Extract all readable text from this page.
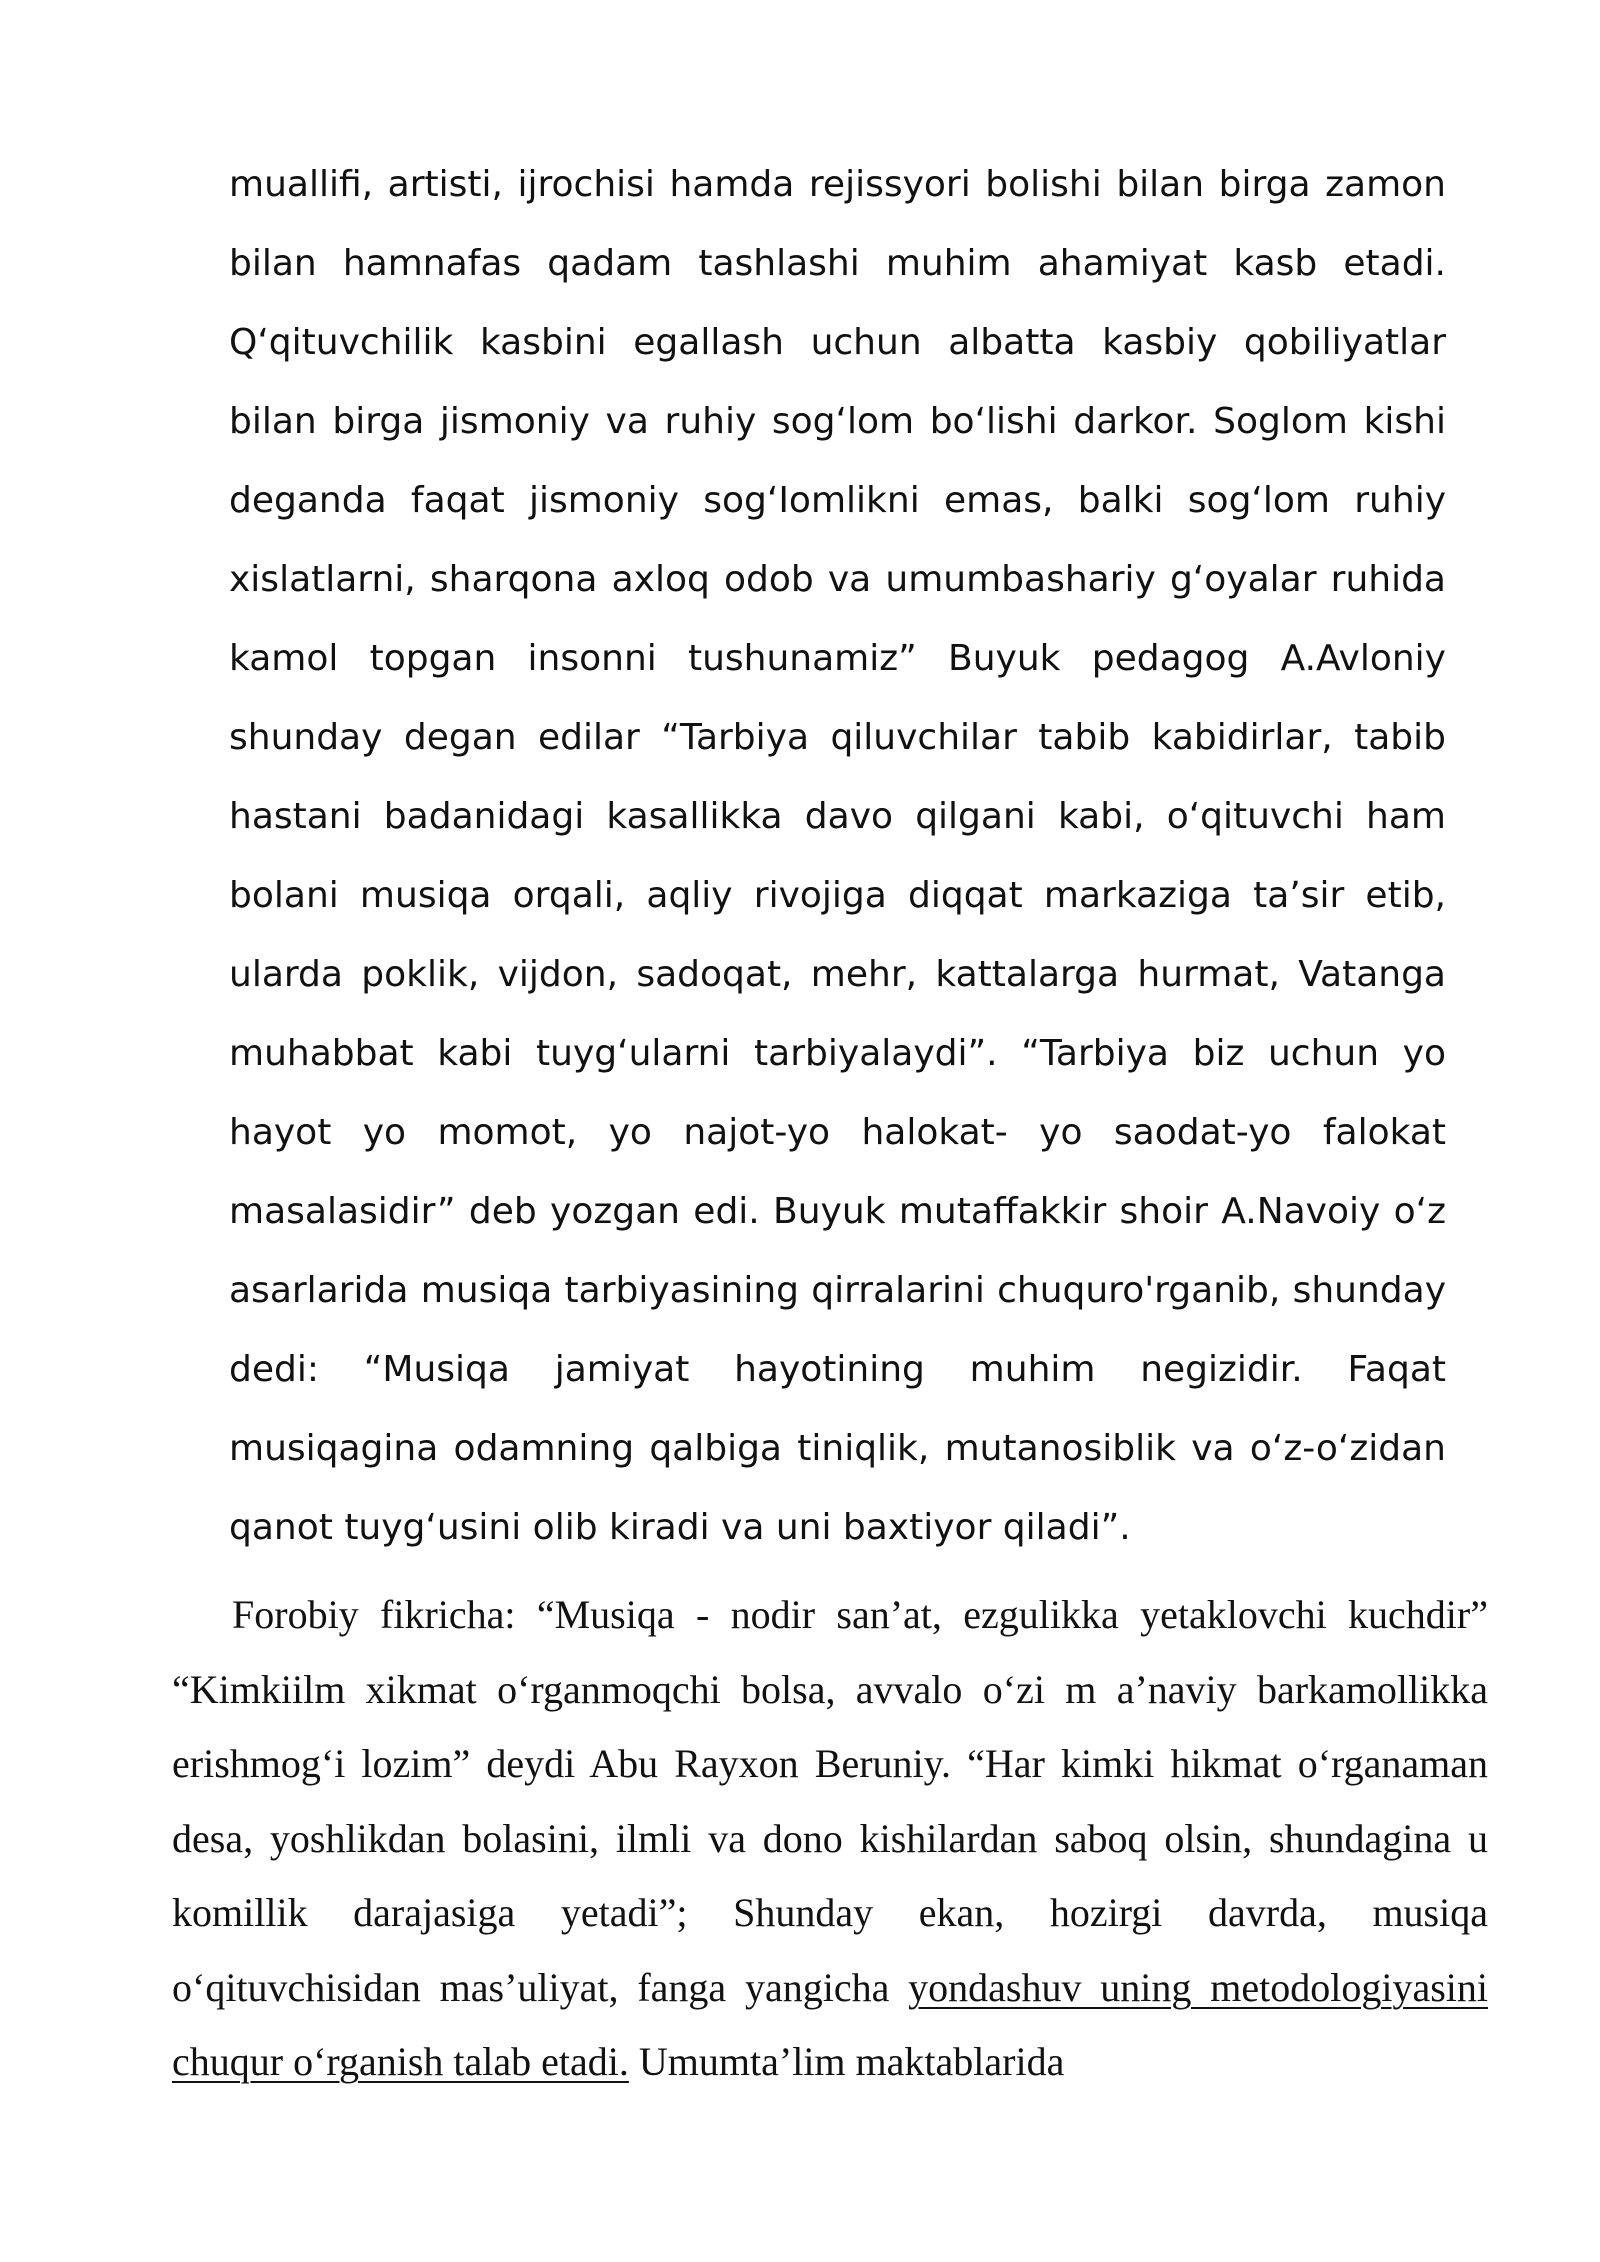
muallifi, artisti, ijrochisi hamda rejissyori bolishi bilan birga zamon bilan hamnafas qadam tashlashi muhim ahamiyat kasb etadi. Q‘qituvchilik kasbini egallash uchun albatta kasbiy qobiliyatlar bilan birga jismoniy va ruhiy sog‘lom bo‘lishi darkor. Soglom kishi deganda faqat jismoniy sog‘Iomlikni emas, balki sog‘lom ruhiy xislatlarni, sharqona axloq odob va umumbashariy g‘oyalar ruhida kamol topgan insonni tushunamiz” Buyuk pedagog A.Avloniy shunday degan edilar “Tarbiya qiluvchilar tabib kabidirlar, tabib hastani badanidagi kasallikka davo qilgani kabi, o‘qituvchi ham bolani musiqa orqali, aqliy rivojiga diqqat markaziga ta’sir etib, ularda poklik, vijdon, sadoqat, mehr, kattalarga hurmat, Vatanga muhabbat kabi tuyg‘ularni tarbiyalaydi”. “Tarbiya biz uchun yo hayot yo momot, yo najot-yo halokat- yo saodat-yo falokat masalasidir” deb yozgan edi. Buyuk mutaffakkir shoir A.Navoiy o‘z asarlarida musiqa tarbiyasining qirralarini chuquro'rganib, shunday dedi: “Musiqa jamiyat hayotining muhim negizidir. Faqat musiqagina odamning qalbiga tiniqlik, mutanosiblik va o‘z-o‘zidan qanot tuyg‘usini olib kiradi va uni baxtiyor qiladi”.

Forobiy fikricha: “Musiqa - nodir san’at, ezgulikka yetaklovchi kuchdir” “Kimkiilm xikmat o‘rganmoqchi bolsa, avvalo o‘zi m a’naviy barkamollikka erishmog‘i lozim” deydi Abu Rayxon Beruniy. “Har kimki hikmat o‘rganaman desa, yoshlikdan bolasini, ilmli va dono kishilardan saboq olsin, shundagina u komillik darajasiga yetadi”; Shunday ekan, hozirgi davrda, musiqa o‘qituvchisidan mas’uliyat, fanga yangicha yondashuv uning metodologiyasini chuqur o‘rganish talab etadi. Umumta’lim maktablarida
